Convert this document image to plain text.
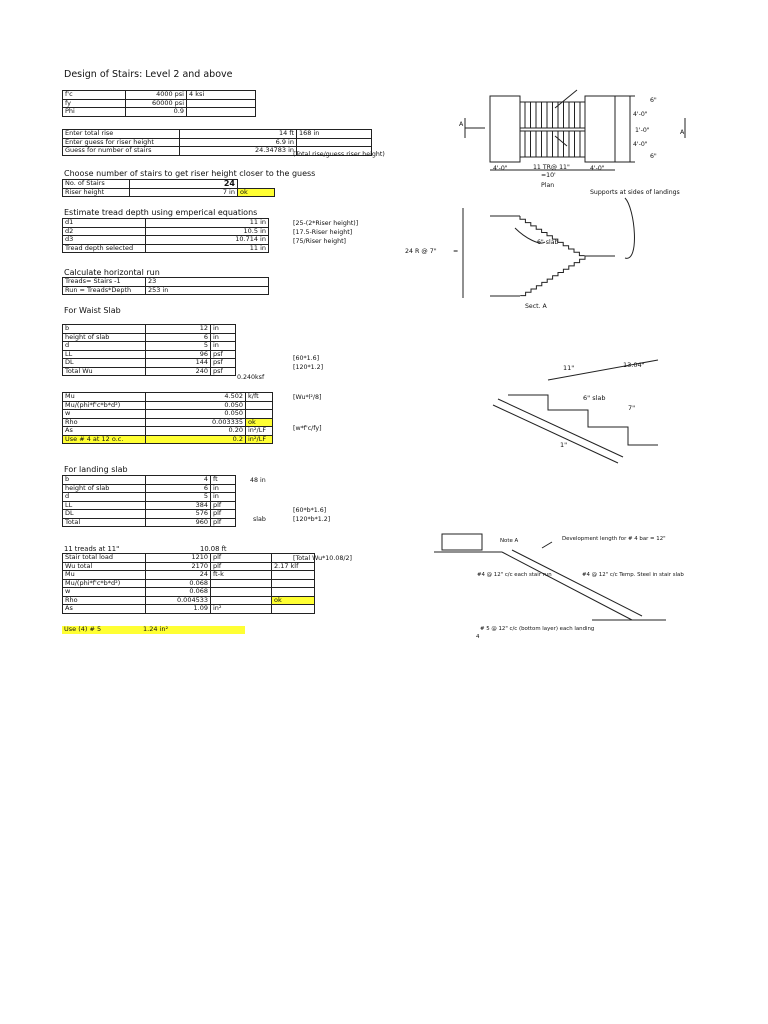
Design of Stairs: Level 2 and above
f'c	4000 psi	4 ksi
fy	60000 psi	
Phi	0.9	
Enter total rise	14 ft	168 in
Enter guess for riser height	6.9 in	
Guess for number of stairs	24.34783 in	
(Total rise/guess riser height)
Choose number of stairs to get riser height closer to the guess
No. of Stairs	24	
Riser height	7 in	ok
Estimate tread depth using emperical equations
d1	11 in
d2	10.5 in
d3	10.714 in
Tread depth selected	11 in
[25-(2*Riser height)]
[17.5-Riser height]
[75/Riser height]
24 R @ 7"	=
Calculate horizontal run
Treads= Stairs -1	23
Run = Treads*Depth	253 in
For Waist Slab
b	12	in
height of slab	6	in
d	5	in
LL	96	psf
DL	144	psf
Total Wu	240	psf
[60*1.6]
[120*1.2]
0.240ksf
Mu	4.502	k/ft
Mu/(phi*f'c*b*d²)	0.050	
w	0.050	
Rho	0.003335	ok
As	0.20	in²/LF
Use # 4 at 12 o.c.	0.2	in²/LF
[Wu*l²/8]
[w*f'c/fy]
For landing slab
b	4	ft
height of slab	6	in
d	5	in
LL	384	plf
DL	576	plf
Total	960	plf
48 in
[60*b*1.6]
[120*b*1.2]
slab
11 treads at 11"	10.08 ft
[Total Wu*10.08/2]
Stair total load	1210	plf	
Wu total	2170	plf	2.17 klf
Mu	24	ft-k	
Mu/(phi*f'c*b*d²)	0.068		
w	0.068		
Rho	0.004533		ok
As	1.09	in²	
Use (4) # 5	1.24 in²
6"
4'-0"
1'-0"
4'-0"
6"
4'-0"	11 TR@ 11"
=10'
4'-0"
Plan
A
A
Supports at sides of landings
6" slab
Sect. A
11"	13.04"
6" slab
7"
1"
Note A	Development length for # 4 bar = 12"
#4 @ 12" c/c each stair run	#4 @ 12" c/c Temp. Steel in stair slab
# 5 @ 12" c/c (bottom layer) each landing
4
